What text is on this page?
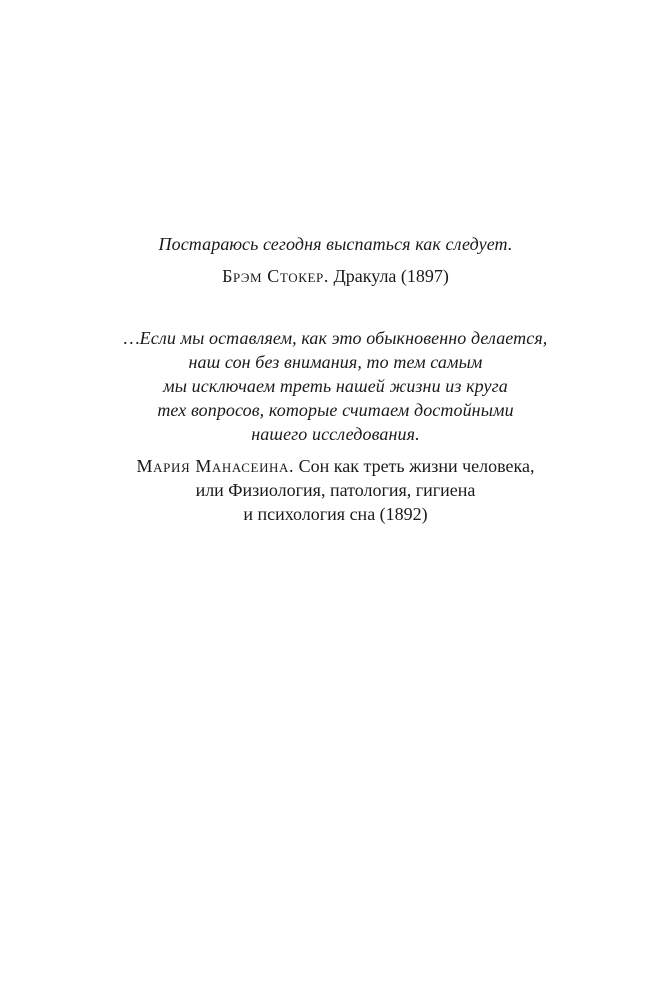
Постараюсь сегодня выспаться как следует.
Брэм Стокер. Дракула (1897)
…Если мы оставляем, как это обыкновенно делается,
наш сон без внимания, то тем самым
мы исключаем треть нашей жизни из круга
тех вопросов, которые считаем достойными
нашего исследования.
Мария Манасеина. Сон как треть жизни человека,
или Физиология, патология, гигиена
и психология сна (1892)
